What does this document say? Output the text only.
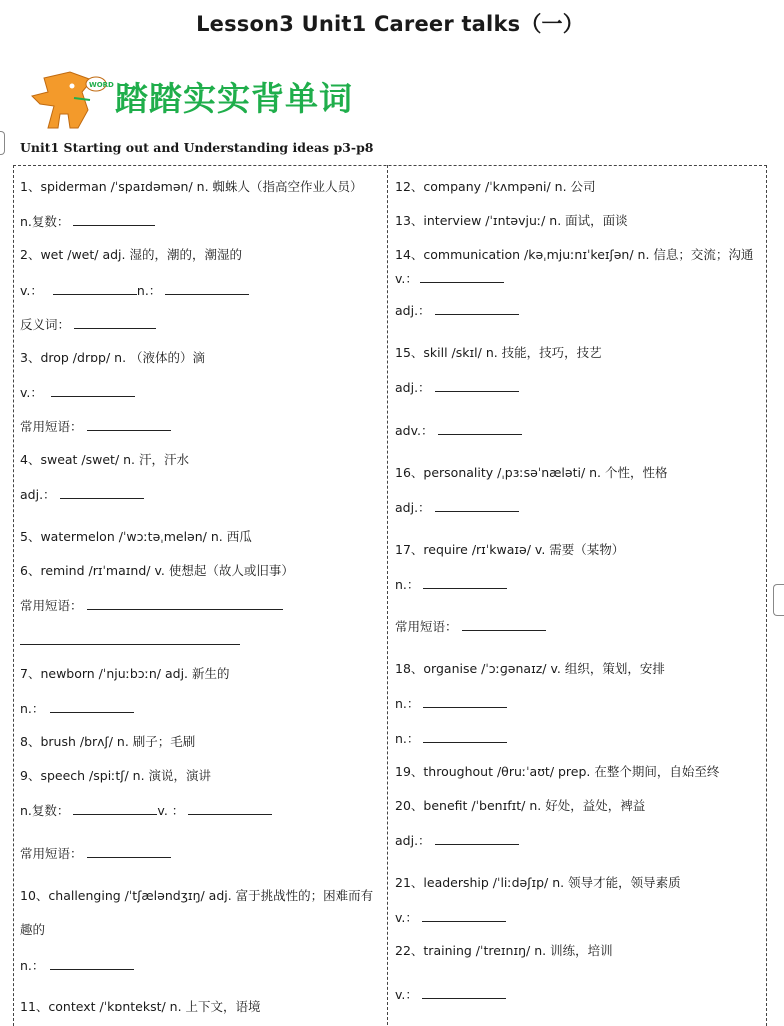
Lesson3 Unit1 Career talks（一）
WORD 踏踏实实背单词
Unit1 Starting out and Understanding ideas p3-p8
1、spiderman /ˈspaɪdəmən/ n. 蜘蛛人（指高空作业人员）
n.复数：
2、wet /wet/ adj. 湿的，潮的，潮湿的
v.：	n.：
反义词：
3、drop /drɒp/ n. （液体的）滴
v.：
常用短语：
4、sweat /swet/ n. 汗，汗水
adj.：
5、watermelon /ˈwɔːtəˌmelən/ n. 西瓜
6、remind /rɪˈmaɪnd/ v. 使想起（故人或旧事）
常用短语：
7、newborn /ˈnjuːbɔːn/ adj. 新生的
n.：
8、brush /brʌʃ/ n. 刷子；毛刷
9、speech /spiːtʃ/ n. 演说，演讲
n.复数：	v. ：
常用短语：
10、challenging /ˈtʃæləndʒɪŋ/ adj. 富于挑战性的；困难而有
趣的
n.：
11、context /ˈkɒntekst/ n. 上下文，语境
12、company /ˈkʌmpəni/ n. 公司
13、interview /ˈɪntəvjuː/ n. 面试，面谈
14、communication /kəˌmjuːnɪˈkeɪʃən/ n. 信息；交流；沟通
v.：
adj.：
15、skill /skɪl/ n. 技能，技巧，技艺
adj.：
adv.：
16、personality /ˌpɜːsəˈnæləti/ n. 个性，性格
adj.：
17、require /rɪˈkwaɪə/ v. 需要（某物）
n.：
常用短语：
18、organise /ˈɔːɡənaɪz/ v. 组织，策划，安排
n.：
n.：
19、throughout /θruːˈaʊt/ prep. 在整个期间，自始至终
20、benefit /ˈbenɪfɪt/ n. 好处，益处，裨益
adj.：
21、leadership /ˈliːdəʃɪp/ n. 领导才能，领导素质
v.：
22、training /ˈtreɪnɪŋ/ n. 训练，培训
v.：
